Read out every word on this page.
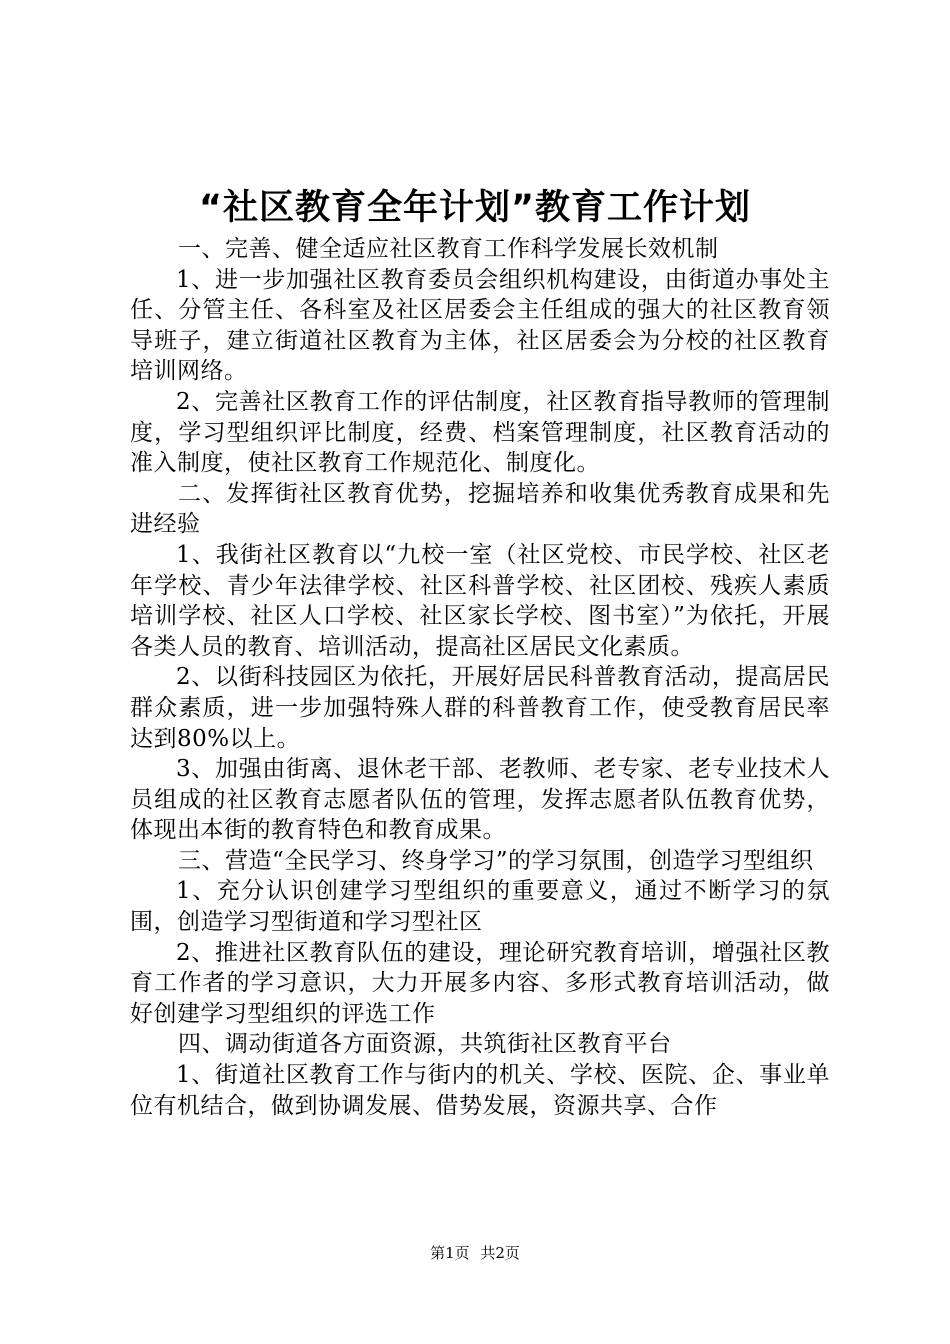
“社区教育全年计划”教育工作计划

一、完善、健全适应社区教育工作科学发展长效机制

1、进一步加强社区教育委员会组织机构建设，由街道办事处主任、分管主任、各科室及社区居委会主任组成的强大的社区教育领导班子，建立街道社区教育为主体，社区居委会为分校的社区教育培训网络。

2、完善社区教育工作的评估制度，社区教育指导教师的管理制度，学习型组织评比制度，经费、档案管理制度，社区教育活动的准入制度，使社区教育工作规范化、制度化。

二、发挥街社区教育优势，挖掘培养和收集优秀教育成果和先进经验

1、我街社区教育以“九校一室（社区党校、市民学校、社区老年学校、青少年法律学校、社区科普学校、社区团校、残疾人素质培训学校、社区人口学校、社区家长学校、图书室）”为依托，开展各类人员的教育、培训活动，提高社区居民文化素质。

2、以街科技园区为依托，开展好居民科普教育活动，提高居民群众素质，进一步加强特殊人群的科普教育工作，使受教育居民率达到80%以上。

3、加强由街离、退休老干部、老教师、老专家、老专业技术人员组成的社区教育志愿者队伍的管理，发挥志愿者队伍教育优势，体现出本街的教育特色和教育成果。

三、营造“全民学习、终身学习”的学习氛围，创造学习型组织

1、充分认识创建学习型组织的重要意义，通过不断学习的氛围，创造学习型街道和学习型社区

2、推进社区教育队伍的建设，理论研究教育培训，增强社区教育工作者的学习意识，大力开展多内容、多形式教育培训活动，做好创建学习型组织的评选工作

四、调动街道各方面资源，共筑街社区教育平台

1、街道社区教育工作与街内的机关、学校、医院、企、事业单位有机结合，做到协调发展、借势发展，资源共享、合作

第1页 共2页
